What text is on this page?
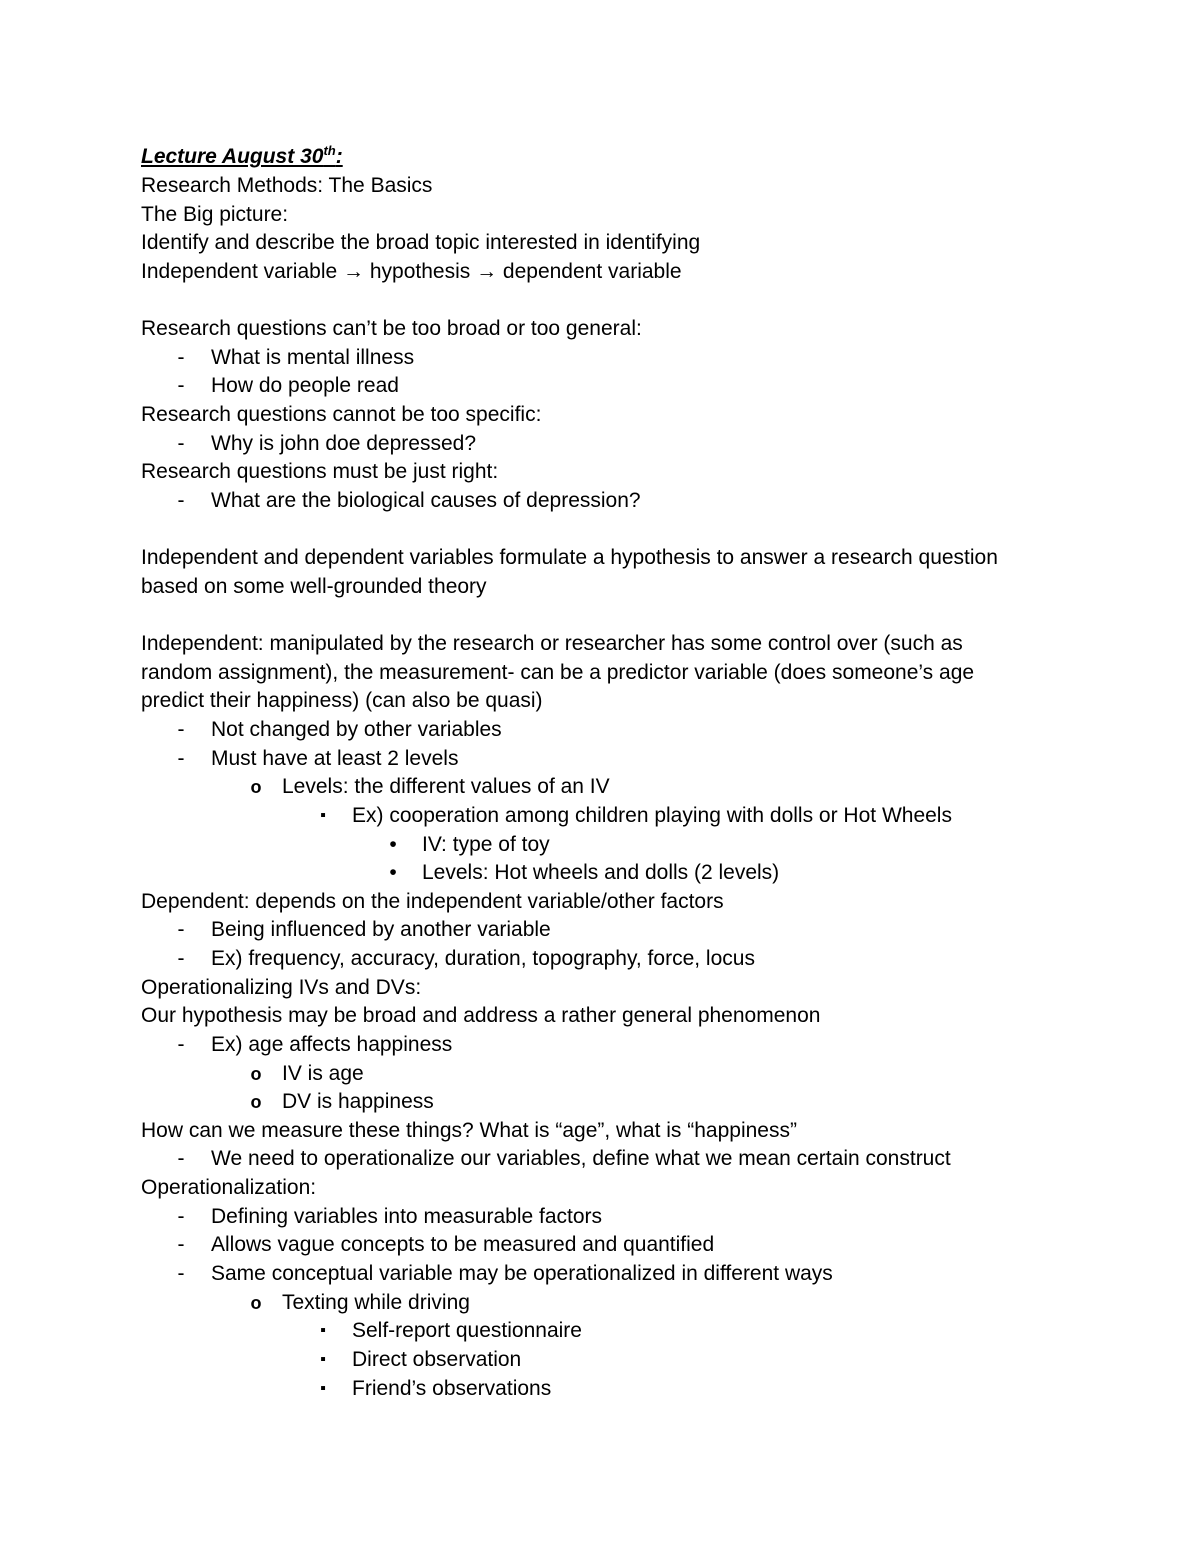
Lecture August 30th:
Research Methods: The Basics
The Big picture:
Identify and describe the broad topic interested in identifying
Independent variable → hypothesis → dependent variable
Research questions can’t be too broad or too general:
-	What is mental illness
-	How do people read
Research questions cannot be too specific:
-	Why is john doe depressed?
Research questions must be just right:
-	What are the biological causes of depression?
Independent and dependent variables formulate a hypothesis to answer a research question
based on some well-grounded theory
Independent: manipulated by the research or researcher has some control over (such as
random assignment), the measurement- can be a predictor variable (does someone’s age
predict their happiness) (can also be quasi)
-	Not changed by other variables
-	Must have at least 2 levels
o Levels: the different values of an IV
▪	Ex) cooperation among children playing with dolls or Hot Wheels
•	IV: type of toy
•	Levels: Hot wheels and dolls (2 levels)
Dependent: depends on the independent variable/other factors
-	Being influenced by another variable
-	Ex) frequency, accuracy, duration, topography, force, locus
Operationalizing IVs and DVs:
Our hypothesis may be broad and address a rather general phenomenon
-	Ex) age affects happiness
o IV is age
o DV is happiness
How can we measure these things? What is “age”, what is “happiness”
-	We need to operationalize our variables, define what we mean certain construct
Operationalization:
-	Defining variables into measurable factors
-	Allows vague concepts to be measured and quantified
-	Same conceptual variable may be operationalized in different ways
o Texting while driving
▪	Self-report questionnaire
▪	Direct observation
▪	Friend’s observations
